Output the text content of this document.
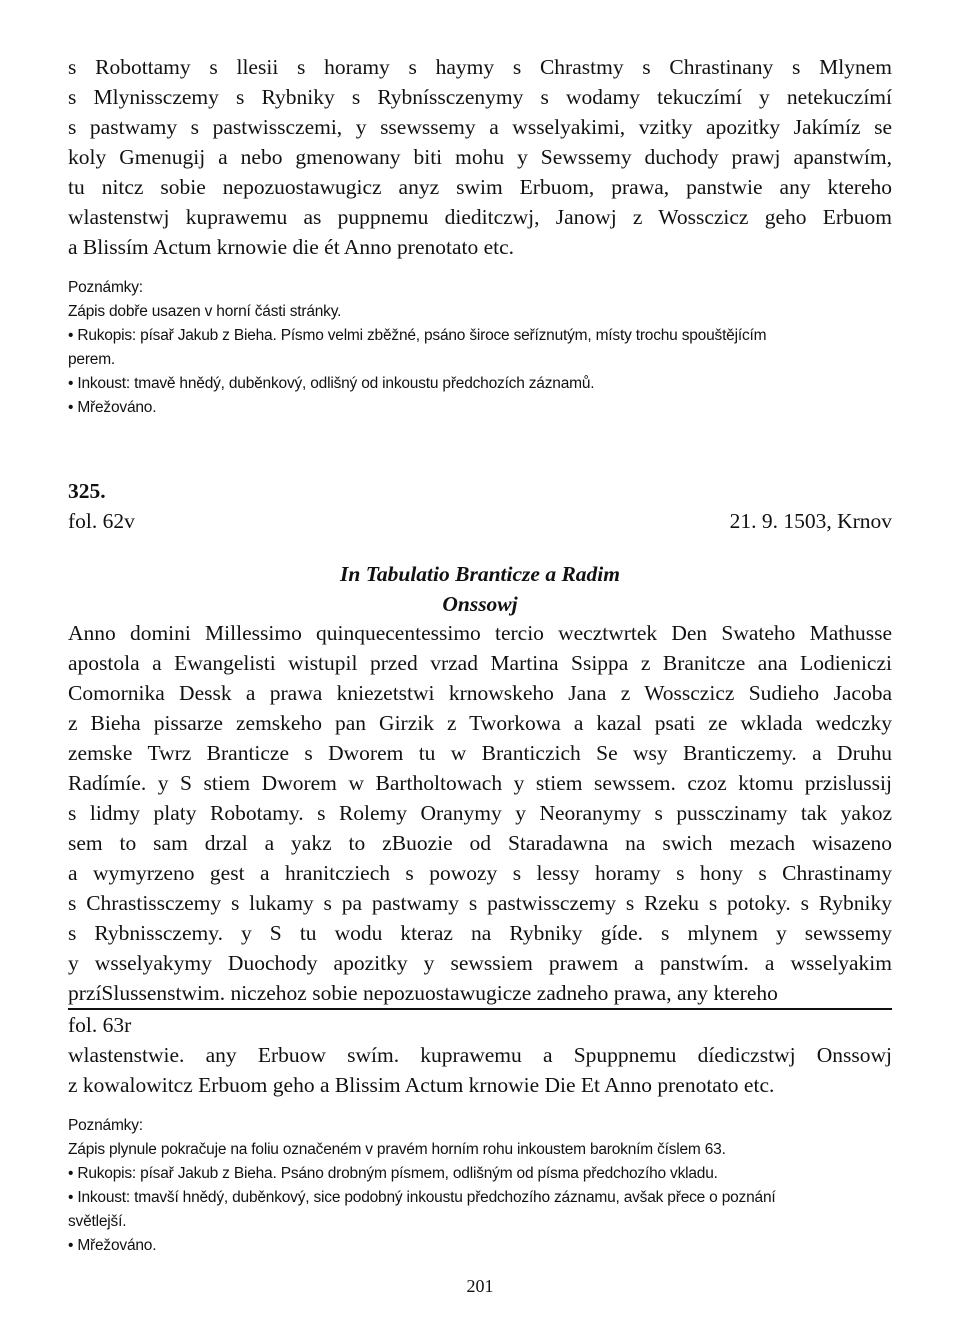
s Robottamy s llesii s horamy s haymy s Chrastmy s Chrastinany s Mlynem
s Mlynissczemy s Rybniky s Rybníssczenymy s wodamy tekuczímí y netekuczímí
s pastwamy s pastwissczemi, y ssewssemy a wsselyakimi, vzitky apozitky Jakímíz se
koly Gmenugij a nebo gmenowany biti mohu y Sewssemy duchody prawj apanstwím,
tu nitcz sobie nepozuostawugicz anyz swim Erbuom, prawa, panstwie any ktereho
wlastenstwj kuprawemu as puppnemu dieditczwj, Janowj z Wossczicz geho Erbuom
a Blissím Actum krnowie die ét Anno prenotato etc.
Poznámky:
Zápis dobře usazen v horní části stránky.
• Rukopis: písař Jakub z Bieha. Písmo velmi zběžné, psáno široce seříznutým, místy trochu spouštějícím
perem.
• Inkoust: tmavě hnědý, duběnkový, odlišný od inkoustu předchozích záznamů.
• Mřežováno.
325.
fol. 62v	21. 9. 1503, Krnov
In Tabulatio Branticze a Radim
Onssowj
Anno domini Millessimo quinquecentessimo tercio wecztwrtek Den Swateho Mathusse
apostola a Ewangelisti wistupil przed vrzad Martina Ssippa z Branitcze ana Lodieniczi
Comornika Dessk a prawa kniezetstwi krnowskeho Jana z Wossczicz Sudieho Jacoba
z Bieha pissarze zemskeho pan Girzik z Tworkowa a kazal psati ze wklada wedczky
zemske Twrz Branticze s Dworem tu w Branticzich Se wsy Branticzemy. a Druhu
Radímíe. y S stiem Dworem w Bartholtowach y stiem sewssem. czoz ktomu przislussij
s lidmy platy Robotamy. s Rolemy Oranymy y Neoranymy s pussczinamy tak yakoz
sem to sam drzal a yakz to zBuozie od Staradawna na swich mezach wisazeno
a wymyrzeno gest a hranitcziech s powozy s lessy horamy s hony s Chrastinamy
s Chrastissczemy s lukamy s pa pastwamy s pastwissczemy s Rzeku s potoky. s Rybniky
s Rybnissczemy. y S tu wodu kteraz na Rybniky gíde. s mlynem y sewssemy
y wsselyakymy Duochody apozitky y sewssiem prawem a panstwím. a wsselyakim
przíSlussenstwim. niczehoz sobie nepozuostawugicze zadneho prawa, any ktereho
fol. 63r
wlastenstwie. any Erbuow swím. kuprawemu a Spuppnemu díediczstwj Onssowj
z kowalowitcz Erbuom geho a Blissim Actum krnowie Die Et Anno prenotato etc.
Poznámky:
Zápis plynule pokračuje na foliu označeném v pravém horním rohu inkoustem barokním číslem 63.
• Rukopis: písař Jakub z Bieha. Psáno drobným písmem, odlišným od písma předchozího vkladu.
• Inkoust: tmavší hnědý, duběnkový, sice podobný inkoustu předchozího záznamu, avšak přece o poznání
světlejší.
• Mřežováno.
201
